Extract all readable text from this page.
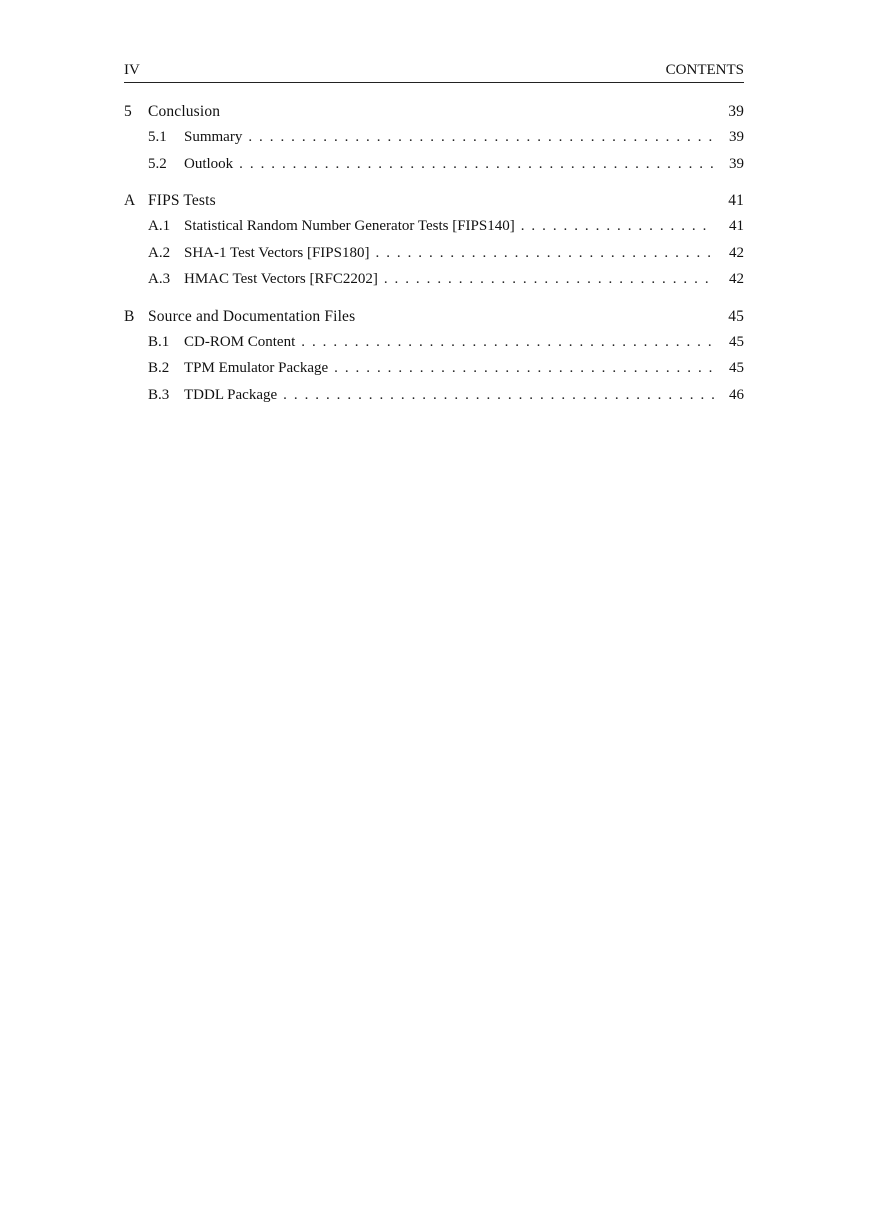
IV	CONTENTS
5 Conclusion	39
5.1 Summary . . .	39
5.2 Outlook . . .	39
A FIPS Tests	41
A.1 Statistical Random Number Generator Tests [FIPS140] . . .	41
A.2 SHA-1 Test Vectors [FIPS180] . . .	42
A.3 HMAC Test Vectors [RFC2202] . . .	42
B Source and Documentation Files	45
B.1 CD-ROM Content . . .	45
B.2 TPM Emulator Package . . .	45
B.3 TDDL Package . . .	46
